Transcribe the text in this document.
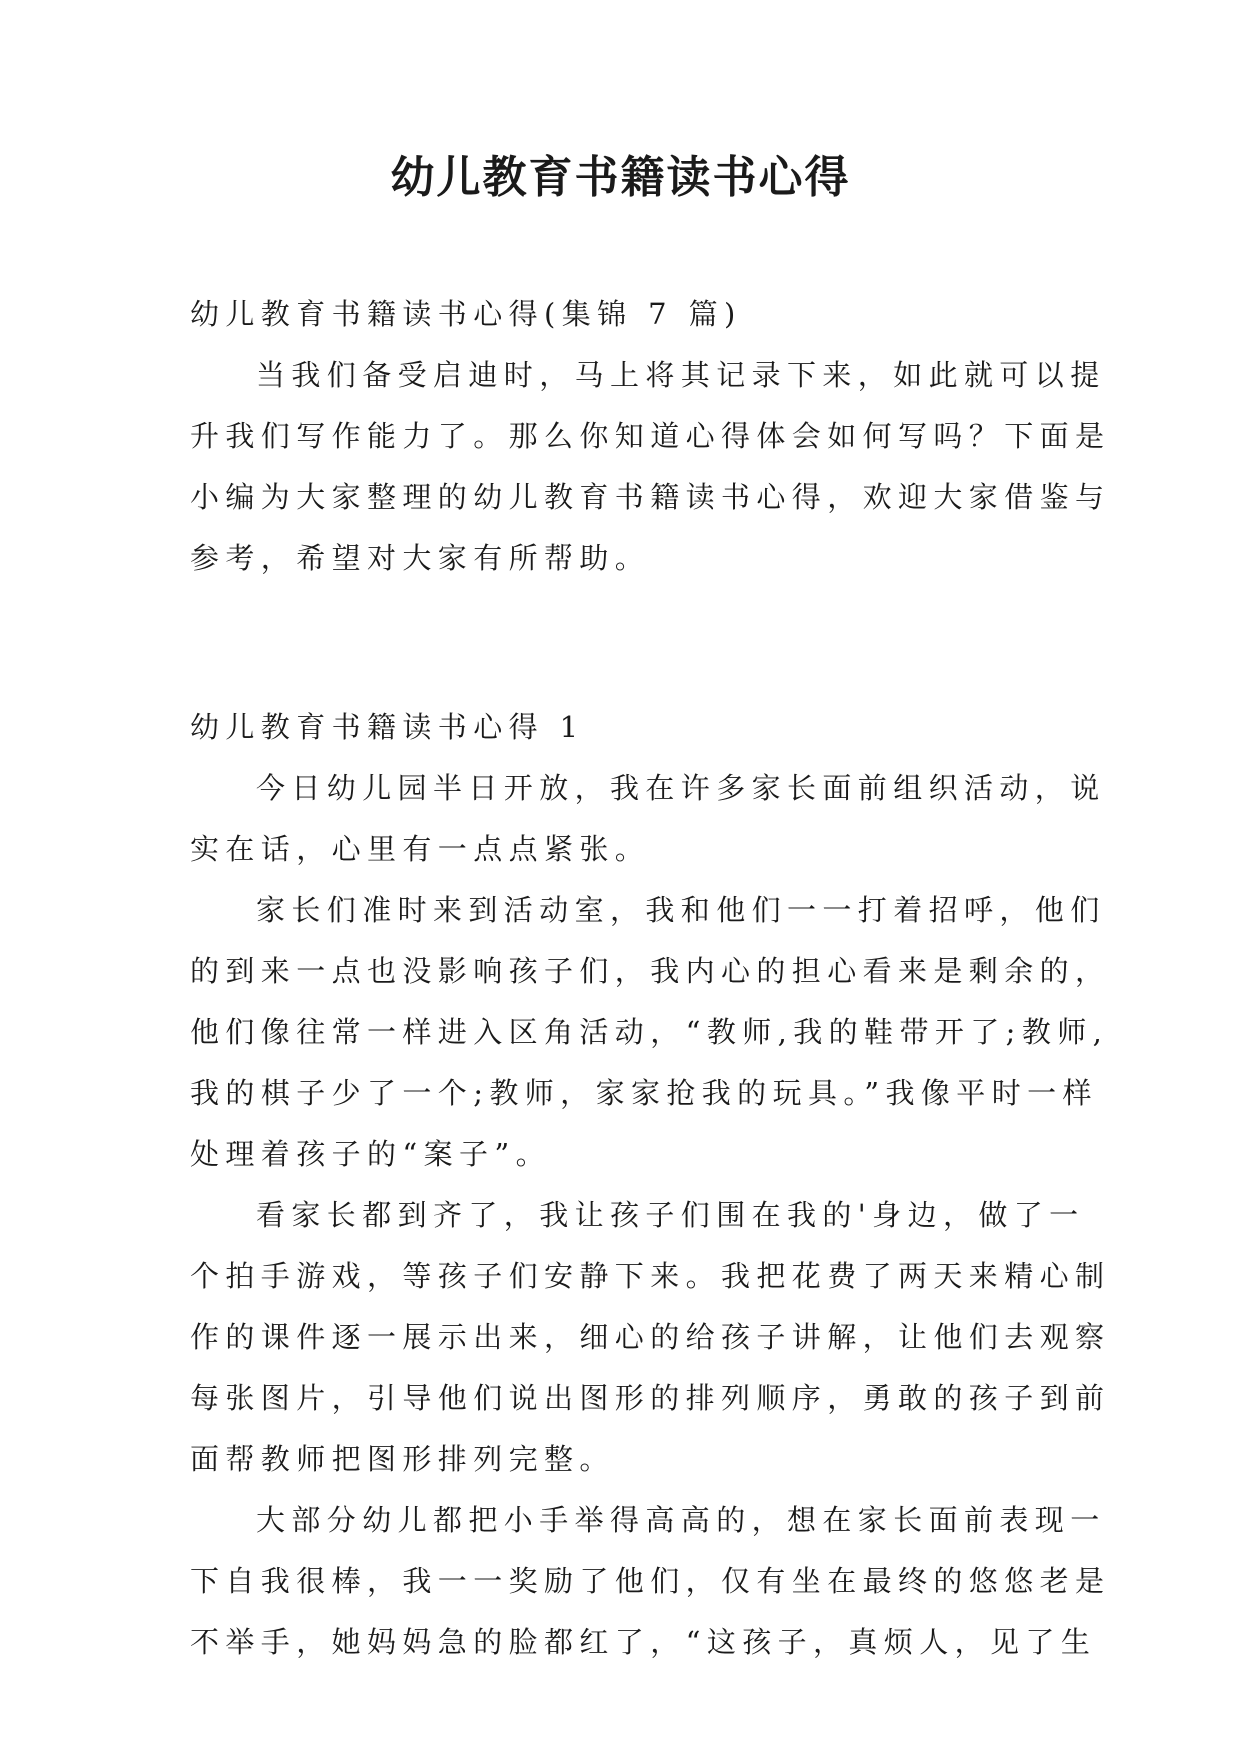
幼儿教育书籍读书心得

幼儿教育书籍读书心得(集锦 7 篇)

当我们备受启迪时，马上将其记录下来，如此就可以提

升我们写作能力了。那么你知道心得体会如何写吗？下面是

小编为大家整理的幼儿教育书籍读书心得，欢迎大家借鉴与

参考，希望对大家有所帮助。

幼儿教育书籍读书心得 1

今日幼儿园半日开放，我在许多家长面前组织活动，说

实在话，心里有一点点紧张。

家长们准时来到活动室，我和他们一一打着招呼，他们

的到来一点也没影响孩子们，我内心的担心看来是剩余的，

他们像往常一样进入区角活动，“教师,我的鞋带开了;教师,

我的棋子少了一个;教师，家家抢我的玩具。”我像平时一样

处理着孩子的“案子”。

看家长都到齐了，我让孩子们围在我的'身边，做了一

个拍手游戏，等孩子们安静下来。我把花费了两天来精心制

作的课件逐一展示出来，细心的给孩子讲解，让他们去观察

每张图片，引导他们说出图形的排列顺序，勇敢的孩子到前

面帮教师把图形排列完整。

大部分幼儿都把小手举得高高的，想在家长面前表现一

下自我很棒，我一一奖励了他们，仅有坐在最终的悠悠老是

不举手，她妈妈急的脸都红了，“这孩子，真烦人，见了生
